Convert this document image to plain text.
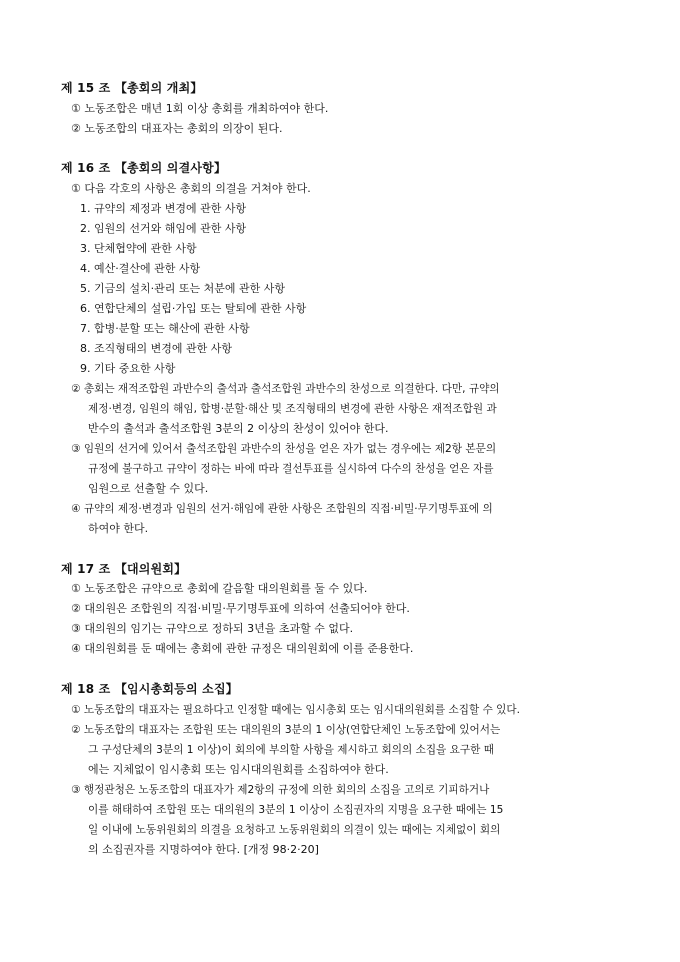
제 15 조 【총회의 개최】
① 노동조합은 매년 1회 이상 총회를 개최하여야 한다.
② 노동조합의 대표자는 총회의 의장이 된다.
제 16 조 【총회의 의결사항】
① 다음 각호의 사항은 총회의 의결을 거쳐야 한다.
1. 규약의 제정과 변경에 관한 사항
2. 임원의 선거와 해임에 관한 사항
3. 단체협약에 관한 사항
4. 예산·결산에 관한 사항
5. 기금의 설치·관리 또는 처분에 관한 사항
6. 연합단체의 설립·가입 또는 탈퇴에 관한 사항
7. 합병·분할 또는 해산에 관한 사항
8. 조직형태의 변경에 관한 사항
9. 기타 중요한 사항
② 총회는 재적조합원 과반수의 출석과 출석조합원 과반수의 찬성으로 의결한다. 다만, 규약의
제정·변경, 임원의 해임, 합병·분할·해산 및 조직형태의 변경에 관한 사항은 재적조합원 과
반수의 출석과 출석조합원 3분의 2 이상의 찬성이 있어야 한다.
③ 임원의 선거에 있어서 출석조합원 과반수의 찬성을 얻은 자가 없는 경우에는 제2항 본문의
규정에 불구하고 규약이 정하는 바에 따라 결선투표를 실시하여 다수의 찬성을 얻은 자를
임원으로 선출할 수 있다.
④ 규약의 제정·변경과 임원의 선거·해임에 관한 사항은 조합원의 직접·비밀·무기명투표에 의
하여야 한다.
제 17 조 【대의원회】
① 노동조합은 규약으로 총회에 갈음할 대의원회를 둘 수 있다.
② 대의원은 조합원의 직접·비밀·무기명투표에 의하여 선출되어야 한다.
③ 대의원의 임기는 규약으로 정하되 3년을 초과할 수 없다.
④ 대의원회를 둔 때에는 총회에 관한 규정은 대의원회에 이를 준용한다.
제 18 조 【임시총회등의 소집】
① 노동조합의 대표자는 필요하다고 인정할 때에는 임시총회 또는 임시대의원회를 소집할 수 있다.
② 노동조합의 대표자는 조합원 또는 대의원의 3분의 1 이상(연합단체인 노동조합에 있어서는
그 구성단체의 3분의 1 이상)이 회의에 부의할 사항을 제시하고 회의의 소집을 요구한 때
에는 지체없이 임시총회 또는 임시대의원회를 소집하여야 한다.
③ 행정관청은 노동조합의 대표자가 제2항의 규정에 의한 회의의 소집을 고의로 기피하거나
이를 해태하여 조합원 또는 대의원의 3분의 1 이상이 소집권자의 지명을 요구한 때에는 15
일 이내에 노동위원회의 의결을 요청하고 노동위원회의 의결이 있는 때에는 지체없이 회의
의 소집권자를 지명하여야 한다. [개정 98·2·20]
